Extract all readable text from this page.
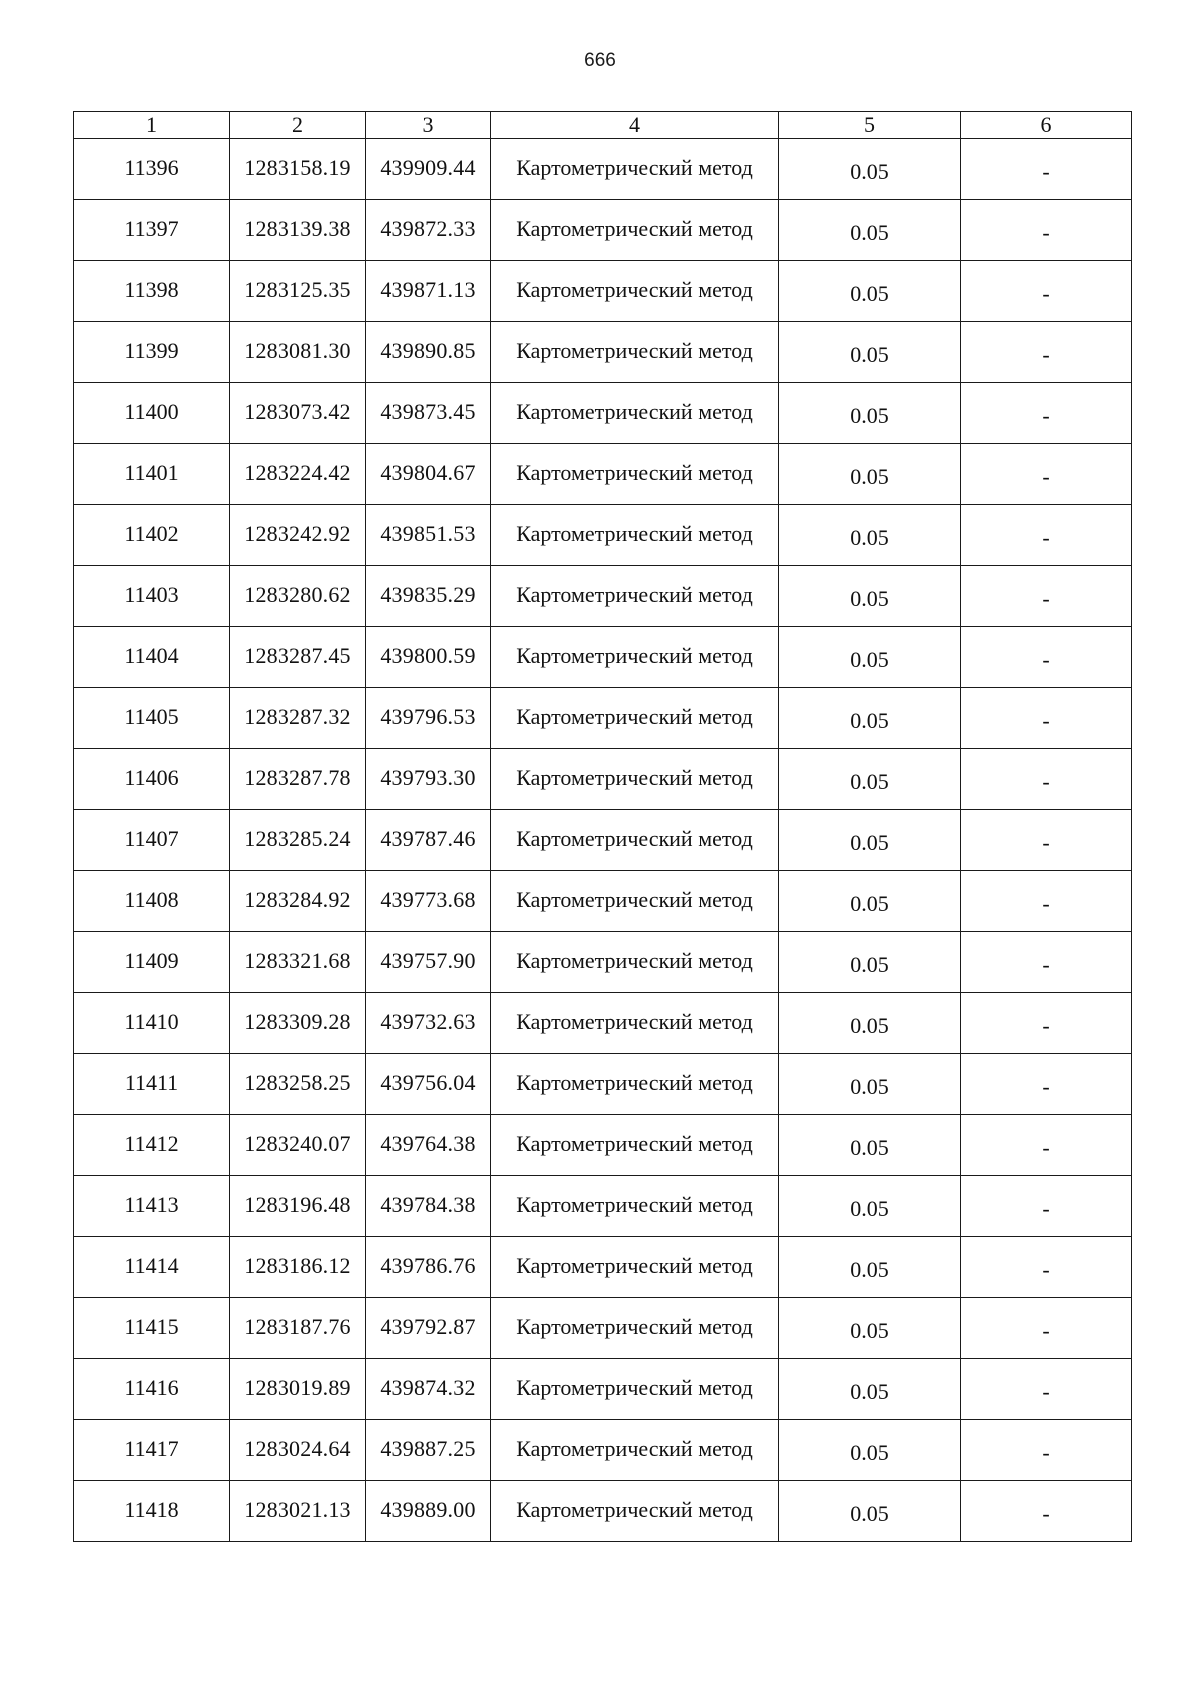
666
1	2	3	4	5	6
11396	1283158.19	439909.44	Картометрический метод	0.05	-
11397	1283139.38	439872.33	Картометрический метод	0.05	-
11398	1283125.35	439871.13	Картометрический метод	0.05	-
11399	1283081.30	439890.85	Картометрический метод	0.05	-
11400	1283073.42	439873.45	Картометрический метод	0.05	-
11401	1283224.42	439804.67	Картометрический метод	0.05	-
11402	1283242.92	439851.53	Картометрический метод	0.05	-
11403	1283280.62	439835.29	Картометрический метод	0.05	-
11404	1283287.45	439800.59	Картометрический метод	0.05	-
11405	1283287.32	439796.53	Картометрический метод	0.05	-
11406	1283287.78	439793.30	Картометрический метод	0.05	-
11407	1283285.24	439787.46	Картометрический метод	0.05	-
11408	1283284.92	439773.68	Картометрический метод	0.05	-
11409	1283321.68	439757.90	Картометрический метод	0.05	-
11410	1283309.28	439732.63	Картометрический метод	0.05	-
11411	1283258.25	439756.04	Картометрический метод	0.05	-
11412	1283240.07	439764.38	Картометрический метод	0.05	-
11413	1283196.48	439784.38	Картометрический метод	0.05	-
11414	1283186.12	439786.76	Картометрический метод	0.05	-
11415	1283187.76	439792.87	Картометрический метод	0.05	-
11416	1283019.89	439874.32	Картометрический метод	0.05	-
11417	1283024.64	439887.25	Картометрический метод	0.05	-
11418	1283021.13	439889.00	Картометрический метод	0.05	-
